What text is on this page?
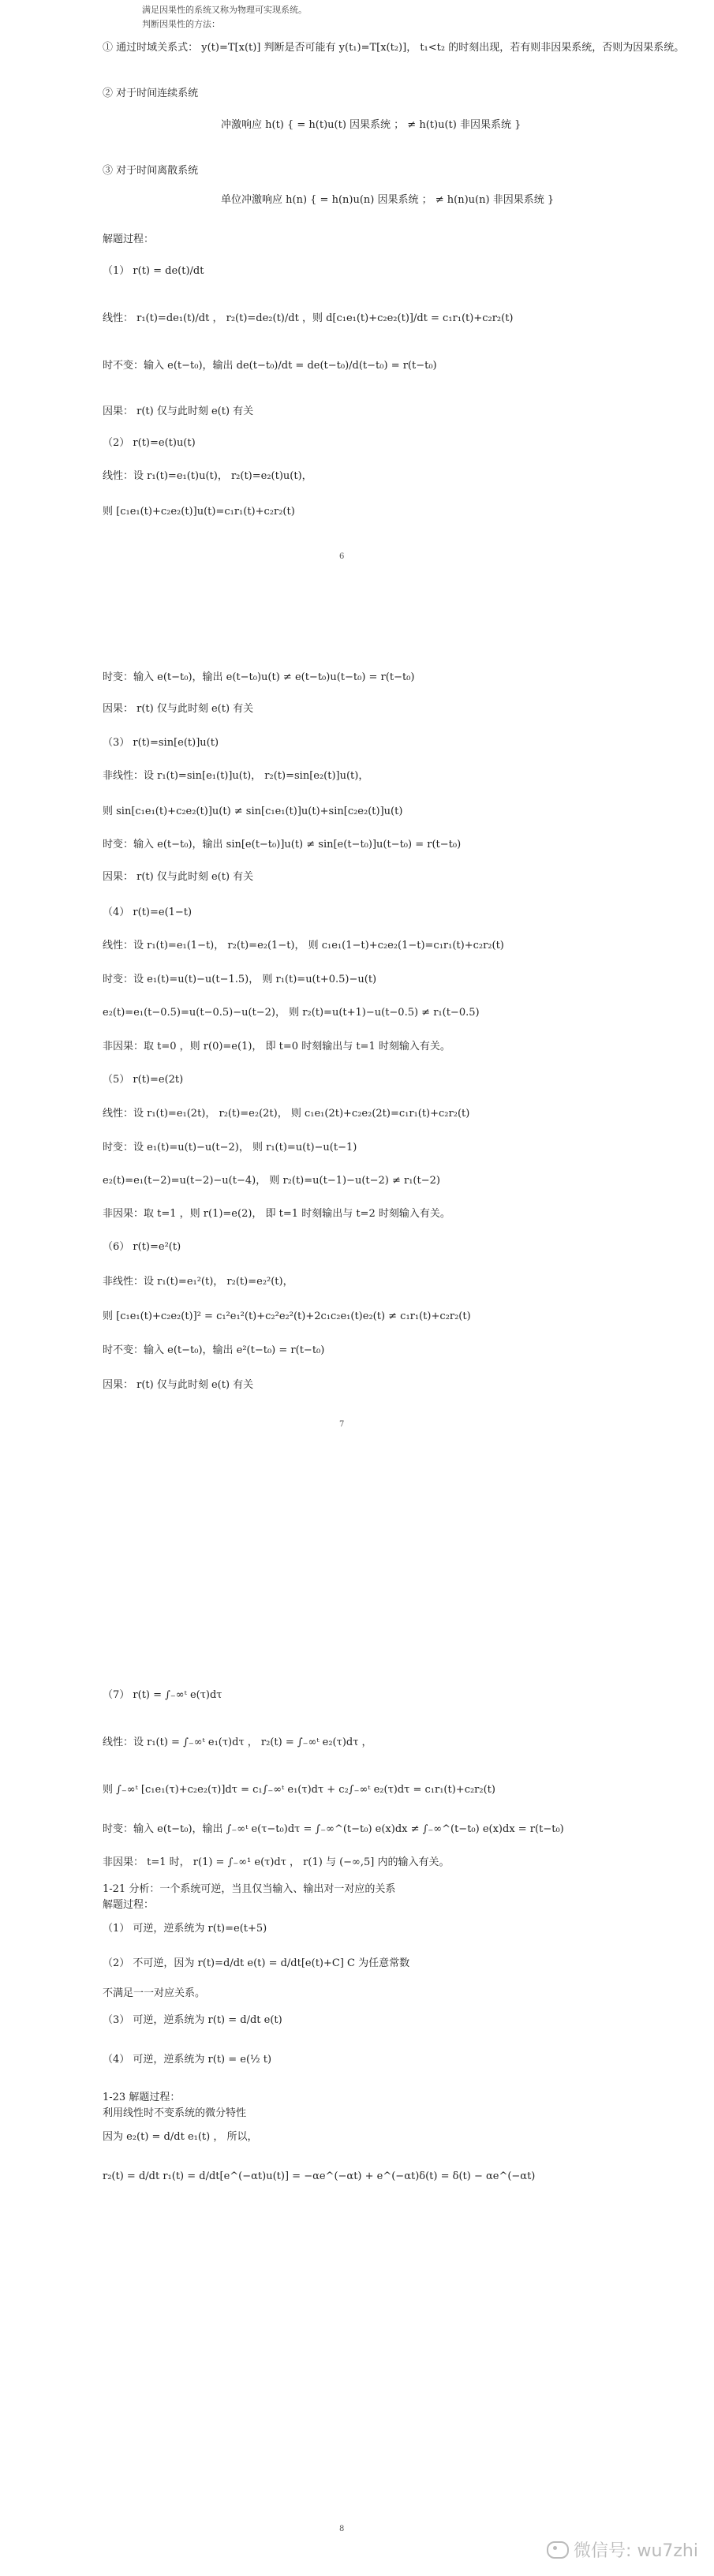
满足因果性的系统又称为物理可实现系统。
判断因果性的方法：
① 通过时域关系式： y(t)=T[x(t)] 判断是否可能有 y(t₁)=T[x(t₂)]， t₁<t₂ 的时刻出现，若有则非因果系统，否则为因果系统。
② 对于时间连续系统
冲激响应 h(t) { = h(t)u(t) 因果系统 ； ≠ h(t)u(t) 非因果系统 }
③ 对于时间离散系统
单位冲激响应 h(n) { = h(n)u(n) 因果系统 ； ≠ h(n)u(n) 非因果系统 }
解题过程：
（1） r(t) = de(t)/dt
线性： r₁(t)=de₁(t)/dt ， r₂(t)=de₂(t)/dt ，则 d[c₁e₁(t)+c₂e₂(t)]/dt = c₁r₁(t)+c₂r₂(t)
时不变：输入 e(t−t₀)，输出 de(t−t₀)/dt = de(t−t₀)/d(t−t₀) = r(t−t₀)
因果： r(t) 仅与此时刻 e(t) 有关
（2） r(t)=e(t)u(t)
线性：设 r₁(t)=e₁(t)u(t)， r₂(t)=e₂(t)u(t)，
则 [c₁e₁(t)+c₂e₂(t)]u(t)=c₁r₁(t)+c₂r₂(t)
6
时变：输入 e(t−t₀)，输出 e(t−t₀)u(t) ≠ e(t−t₀)u(t−t₀) = r(t−t₀)
因果： r(t) 仅与此时刻 e(t) 有关
（3） r(t)=sin[e(t)]u(t)
非线性：设 r₁(t)=sin[e₁(t)]u(t)， r₂(t)=sin[e₂(t)]u(t)，
则 sin[c₁e₁(t)+c₂e₂(t)]u(t) ≠ sin[c₁e₁(t)]u(t)+sin[c₂e₂(t)]u(t)
时变：输入 e(t−t₀)，输出 sin[e(t−t₀)]u(t) ≠ sin[e(t−t₀)]u(t−t₀) = r(t−t₀)
因果： r(t) 仅与此时刻 e(t) 有关
（4） r(t)=e(1−t)
线性：设 r₁(t)=e₁(1−t)， r₂(t)=e₂(1−t)， 则 c₁e₁(1−t)+c₂e₂(1−t)=c₁r₁(t)+c₂r₂(t)
时变：设 e₁(t)=u(t)−u(t−1.5)， 则 r₁(t)=u(t+0.5)−u(t)
e₂(t)=e₁(t−0.5)=u(t−0.5)−u(t−2)， 则 r₂(t)=u(t+1)−u(t−0.5) ≠ r₁(t−0.5)
非因果：取 t=0 ，则 r(0)=e(1)， 即 t=0 时刻输出与 t=1 时刻输入有关。
（5） r(t)=e(2t)
线性：设 r₁(t)=e₁(2t)， r₂(t)=e₂(2t)， 则 c₁e₁(2t)+c₂e₂(2t)=c₁r₁(t)+c₂r₂(t)
时变：设 e₁(t)=u(t)−u(t−2)， 则 r₁(t)=u(t)−u(t−1)
e₂(t)=e₁(t−2)=u(t−2)−u(t−4)， 则 r₂(t)=u(t−1)−u(t−2) ≠ r₁(t−2)
非因果：取 t=1 ，则 r(1)=e(2)， 即 t=1 时刻输出与 t=2 时刻输入有关。
（6） r(t)=e²(t)
非线性：设 r₁(t)=e₁²(t)， r₂(t)=e₂²(t)，
则 [c₁e₁(t)+c₂e₂(t)]² = c₁²e₁²(t)+c₂²e₂²(t)+2c₁c₂e₁(t)e₂(t) ≠ c₁r₁(t)+c₂r₂(t)
时不变：输入 e(t−t₀)，输出 e²(t−t₀) = r(t−t₀)
因果： r(t) 仅与此时刻 e(t) 有关
7
（7） r(t) = ∫₋∞ᵗ e(τ)dτ
线性：设 r₁(t) = ∫₋∞ᵗ e₁(τ)dτ ， r₂(t) = ∫₋∞ᵗ e₂(τ)dτ ，
则 ∫₋∞ᵗ [c₁e₁(τ)+c₂e₂(τ)]dτ = c₁∫₋∞ᵗ e₁(τ)dτ + c₂∫₋∞ᵗ e₂(τ)dτ = c₁r₁(t)+c₂r₂(t)
时变：输入 e(t−t₀)，输出 ∫₋∞ᵗ e(τ−t₀)dτ = ∫₋∞^(t−t₀) e(x)dx ≠ ∫₋∞^(t−t₀) e(x)dx = r(t−t₀)
非因果： t=1 时， r(1) = ∫₋∞¹ e(τ)dτ ， r(1) 与 (−∞,5] 内的输入有关。
1-21 分析：一个系统可逆，当且仅当输入、输出对一对应的关系
解题过程：
（1） 可逆，逆系统为 r(t)=e(t+5)
（2） 不可逆，因为 r(t)=d/dt e(t) = d/dt[e(t)+C] C 为任意常数
不满足一一对应关系。
（3） 可逆，逆系统为 r(t) = d/dt e(t)
（4） 可逆，逆系统为 r(t) = e(½ t)
1-23 解题过程：
利用线性时不变系统的微分特性
因为 e₂(t) = d/dt e₁(t) ， 所以，
r₂(t) = d/dt r₁(t) = d/dt[e^(−αt)u(t)] = −αe^(−αt) + e^(−αt)δ(t) = δ(t) − αe^(−αt)
8
微信号: wu7zhi
